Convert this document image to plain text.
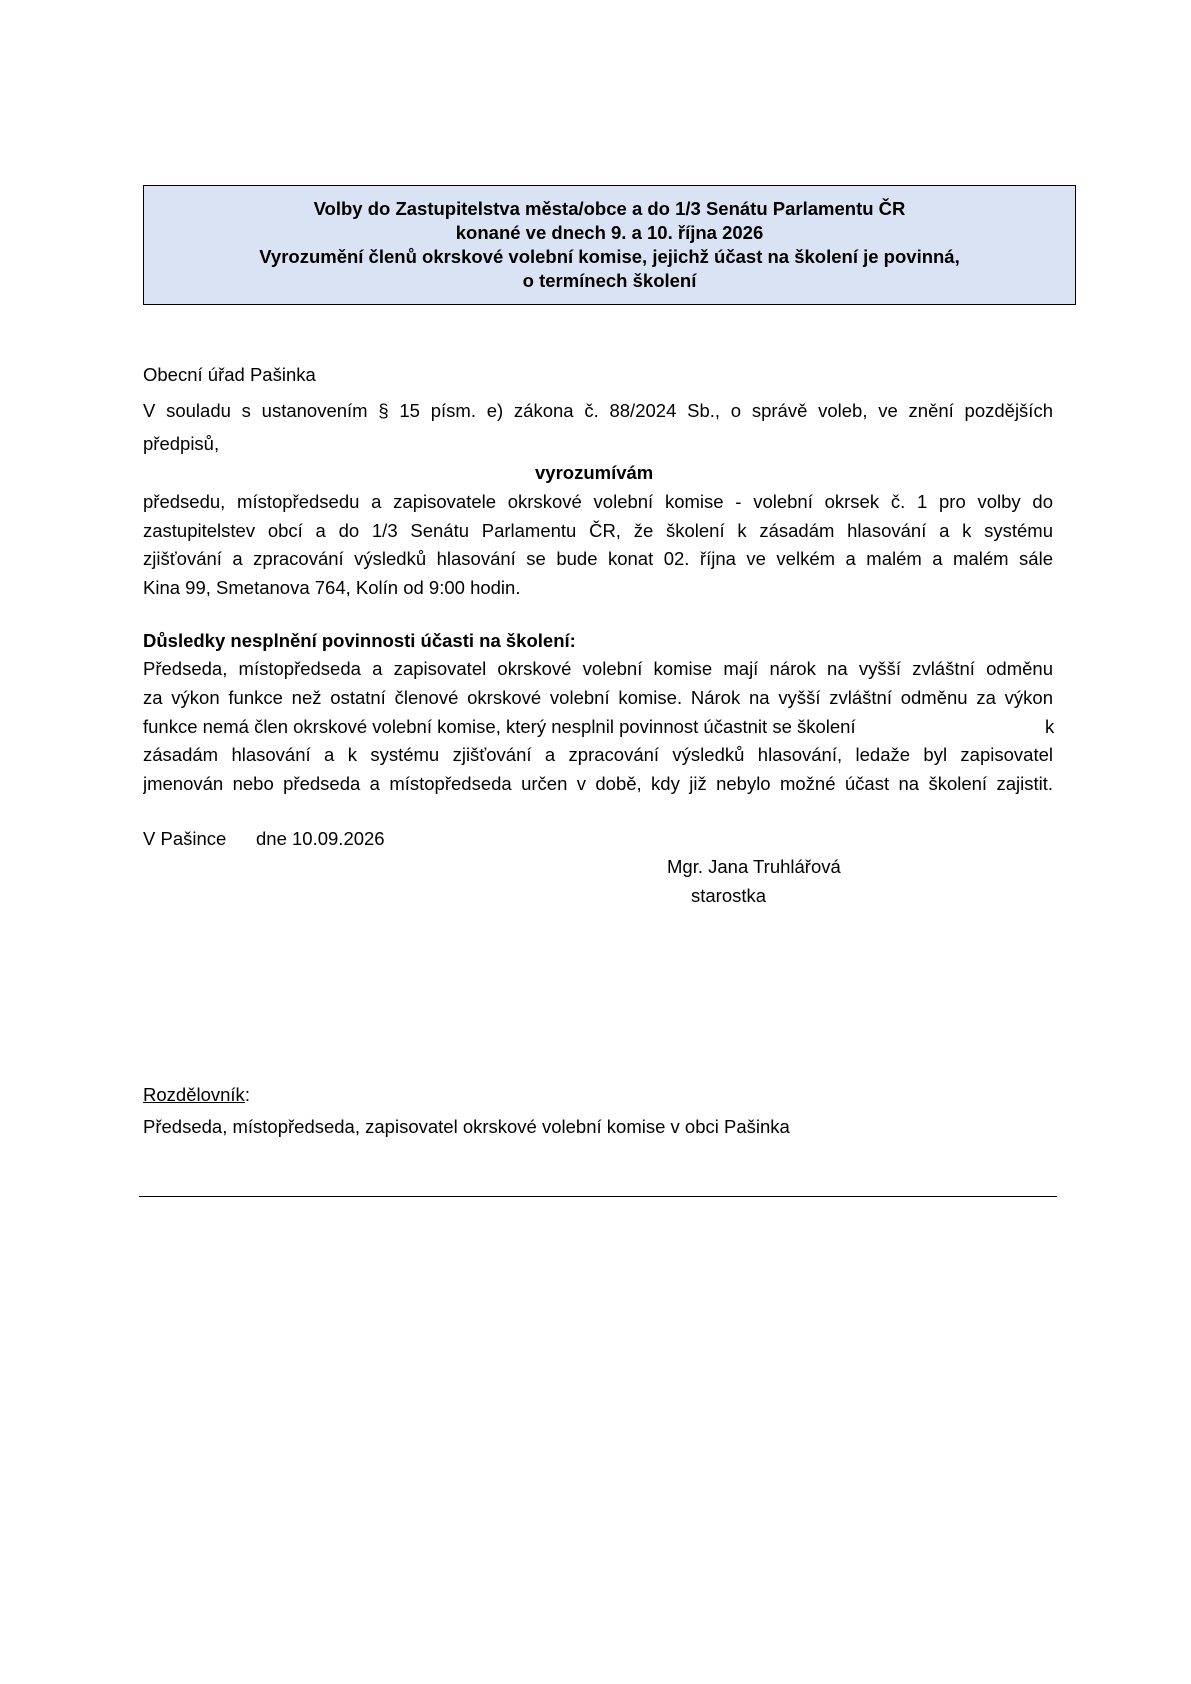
Volby do Zastupitelstva města/obce a do 1/3 Senátu Parlamentu ČR
konané ve dnech 9. a 10. října 2026
Vyrozumění členů okrskové volební komise, jejichž účast na školení je povinná,
o termínech školení
Obecní úřad Pašinka
V souladu s ustanovením § 15 písm. e) zákona č. 88/2024 Sb., o správě voleb, ve znění pozdějších
předpisů,
vyrozumívám
předsedu, místopředsedu a zapisovatele okrskové volební komise - volební okrsek č. 1 pro volby do
zastupitelstev obcí a do 1/3 Senátu Parlamentu ČR, že školení k zásadám hlasování a k systému
zjišťování a zpracování výsledků hlasování se bude konat 02. října ve velkém a malém a malém sále
Kina 99, Smetanova 764, Kolín od 9:00 hodin.
Důsledky nesplnění povinnosti účasti na školení:
Předseda, místopředseda a zapisovatel okrskové volební komise mají nárok na vyšší zvláštní odměnu
za výkon funkce než ostatní členové okrskové volební komise. Nárok na vyšší zvláštní odměnu za výkon
funkce nemá člen okrskové volební komise, který nesplnil povinnost účastnit se školení	k
zásadám hlasování a k systému zjišťování a zpracování výsledků hlasování, ledaže byl zapisovatel
jmenován nebo předseda a místopředseda určen v době, kdy již nebylo možné účast na školení zajistit.
V Pašince dne 10.09.2026
Mgr. Jana Truhlářová
starostka
Rozdělovník:
Předseda, místopředseda, zapisovatel okrskové volební komise v obci Pašinka
